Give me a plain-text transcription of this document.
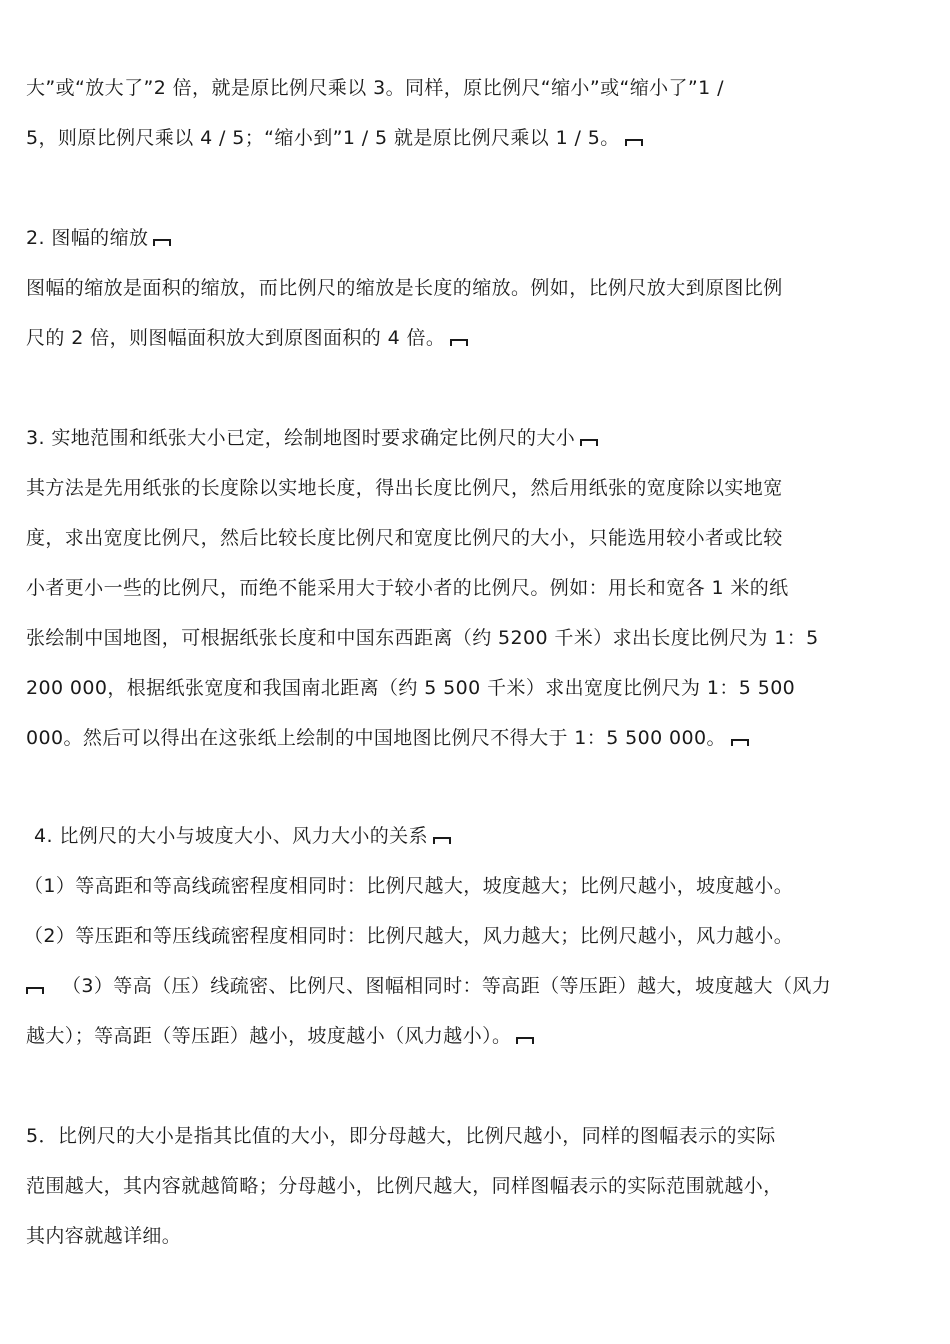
大”或“放大了”2 倍，就是原比例尺乘以 3。同样，原比例尺“缩小”或“缩小了”1 /
5，则原比例尺乘以 4 / 5；“缩小到”1 / 5 就是原比例尺乘以 1 / 5。
2. 图幅的缩放
图幅的缩放是面积的缩放，而比例尺的缩放是长度的缩放。例如，比例尺放大到原图比例
尺的 2 倍，则图幅面积放大到原图面积的 4 倍。
3. 实地范围和纸张大小已定，绘制地图时要求确定比例尺的大小
其方法是先用纸张的长度除以实地长度，得出长度比例尺，然后用纸张的宽度除以实地宽
度，求出宽度比例尺，然后比较长度比例尺和宽度比例尺的大小，只能选用较小者或比较
小者更小一些的比例尺，而绝不能采用大于较小者的比例尺。例如：用长和宽各 1 米的纸
张绘制中国地图，可根据纸张长度和中国东西距离（约 5200 千米）求出长度比例尺为 1：5
200 000，根据纸张宽度和我国南北距离（约 5 500 千米）求出宽度比例尺为 1：5 500
000。然后可以得出在这张纸上绘制的中国地图比例尺不得大于 1：5 500 000。
4. 比例尺的大小与坡度大小、风力大小的关系
（1）等高距和等高线疏密程度相同时：比例尺越大，坡度越大；比例尺越小，坡度越小。
（2）等压距和等压线疏密程度相同时：比例尺越大，风力越大；比例尺越小，风力越小。
（3）等高（压）线疏密、比例尺、图幅相同时：等高距（等压距）越大，坡度越大（风力
越大）；等高距（等压距）越小，坡度越小（风力越小）。
5．比例尺的大小是指其比值的大小，即分母越大，比例尺越小，同样的图幅表示的实际
范围越大，其内容就越简略；分母越小，比例尺越大，同样图幅表示的实际范围就越小，
其内容就越详细。
